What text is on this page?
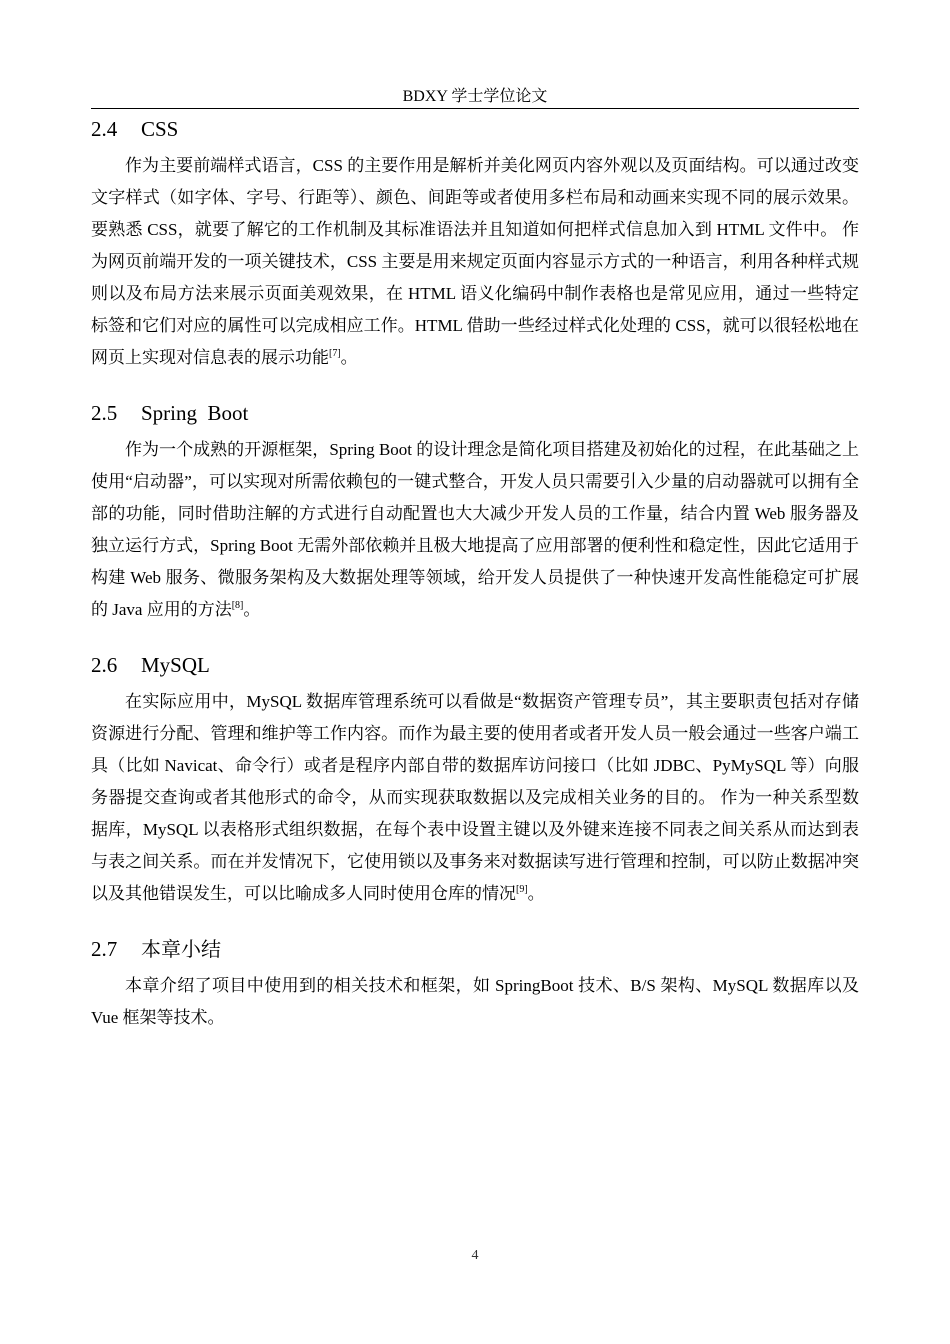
BDXY 学士学位论文
2.4 CSS

作为主要前端样式语言，CSS 的主要作用是解析并美化网页内容外观以及页面结构。可以通过改变文字样式（如字体、字号、行距等）、颜色、间距等或者使用多栏布局和动画来实现不同的展示效果。要熟悉 CSS，就要了解它的工作机制及其标准语法并且知道如何把样式信息加入到 HTML 文件中。 作为网页前端开发的一项关键技术，CSS 主要是用来规定页面内容显示方式的一种语言，利用各种样式规则以及布局方法来展示页面美观效果，在 HTML 语义化编码中制作表格也是常见应用，通过一些特定标签和它们对应的属性可以完成相应工作。HTML 借助一些经过样式化处理的 CSS，就可以很轻松地在网页上实现对信息表的展示功能[7]。

2.5 Spring  Boot

作为一个成熟的开源框架，Spring Boot 的设计理念是简化项目搭建及初始化的过程，在此基础之上使用“启动器”，可以实现对所需依赖包的一键式整合，开发人员只需要引入少量的启动器就可以拥有全部的功能，同时借助注解的方式进行自动配置也大大减少开发人员的工作量，结合内置 Web 服务器及独立运行方式，Spring Boot 无需外部依赖并且极大地提高了应用部署的便利性和稳定性，因此它适用于构建 Web 服务、微服务架构及大数据处理等领域，给开发人员提供了一种快速开发高性能稳定可扩展的 Java 应用的方法[8]。

2.6 MySQL

在实际应用中，MySQL 数据库管理系统可以看做是“数据资产管理专员”，其主要职责包括对存储资源进行分配、管理和维护等工作内容。而作为最主要的使用者或者开发人员一般会通过一些客户端工具（比如 Navicat、命令行）或者是程序内部自带的数据库访问接口（比如 JDBC、PyMySQL 等）向服务器提交查询或者其他形式的命令，从而实现获取数据以及完成相关业务的目的。 作为一种关系型数据库，MySQL 以表格形式组织数据，在每个表中设置主键以及外键来连接不同表之间关系从而达到表与表之间关系。而在并发情况下，它使用锁以及事务来对数据读写进行管理和控制，可以防止数据冲突以及其他错误发生，可以比喻成多人同时使用仓库的情况[9]。

2.7 本章小结

本章介绍了项目中使用到的相关技术和框架，如 SpringBoot 技术、B/S 架构、MySQL 数据库以及 Vue 框架等技术。

4
